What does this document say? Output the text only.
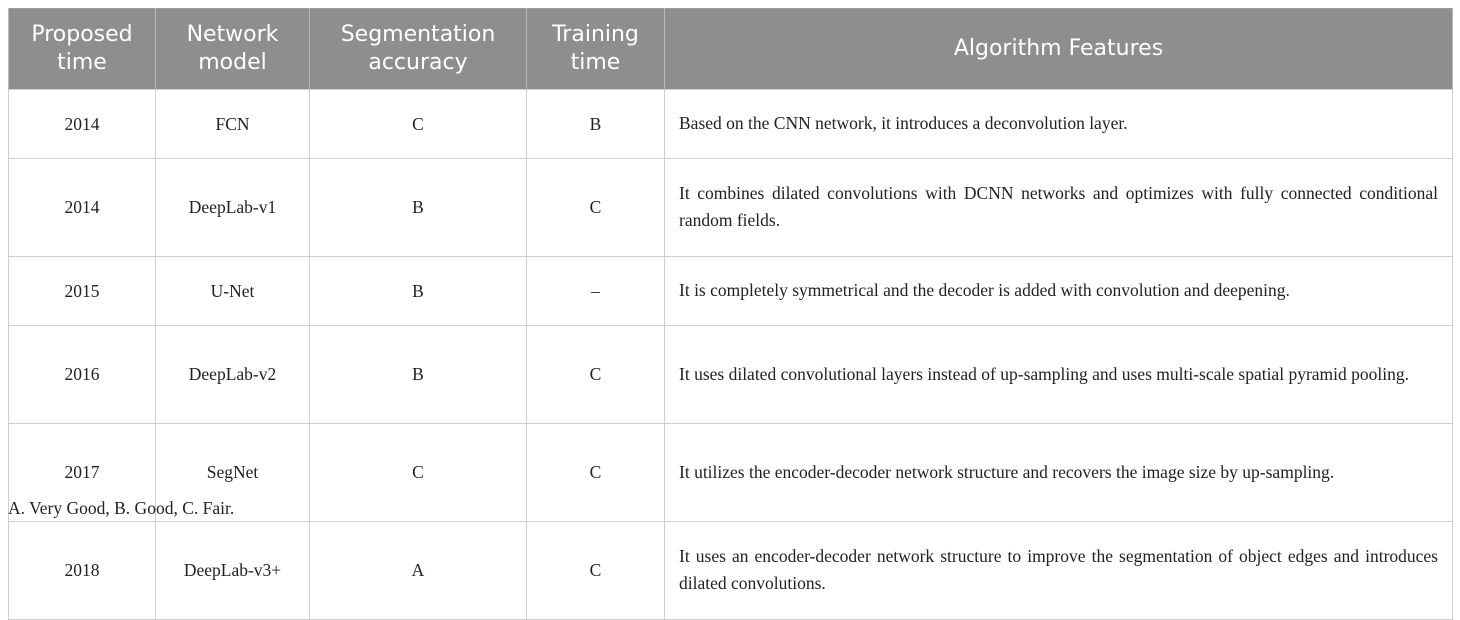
Proposed time	Network model	Segmentation accuracy	Training time	Algorithm Features
2014	FCN	C	B	Based on the CNN network, it introduces a deconvolution layer.
2014	DeepLab-v1	B	C	It combines dilated convolutions with DCNN networks and optimizes with fully connected conditional random fields.
2015	U-Net	B	–	It is completely symmetrical and the decoder is added with convolution and deepening.
2016	DeepLab-v2	B	C	It uses dilated convolutional layers instead of up-sampling and uses multi-scale spatial pyramid pooling.
2017	SegNet	C	C	It utilizes the encoder-decoder network structure and recovers the image size by up-sampling.
2018	DeepLab-v3+	A	C	It uses an encoder-decoder network structure to improve the segmentation of object edges and introduces dilated convolutions.
A. Very Good, B. Good, C. Fair.
